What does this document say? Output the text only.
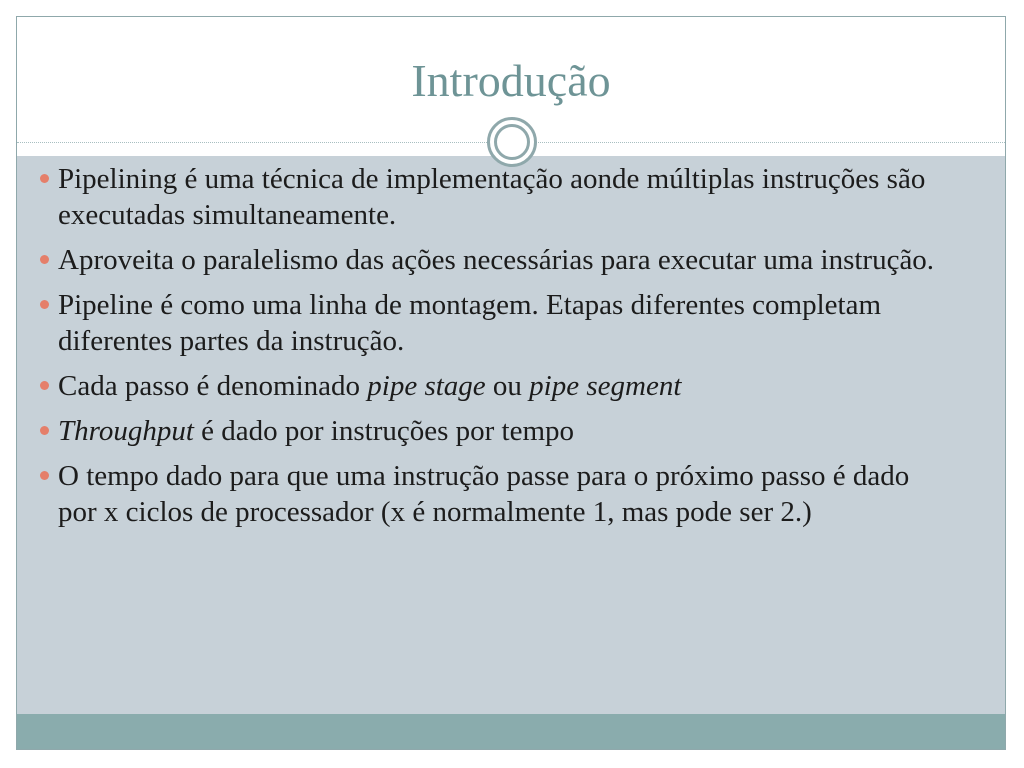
Introdução
Pipelining é uma técnica de implementação aonde múltiplas instruções são executadas simultaneamente.
Aproveita o paralelismo das ações necessárias para executar uma instrução.
Pipeline é como uma linha de montagem. Etapas diferentes completam diferentes partes da instrução.
Cada passo é denominado pipe stage ou pipe segment
Throughput é dado por instruções por tempo
O tempo dado para que uma instrução passe para o próximo passo é dado por x ciclos de processador (x é normalmente 1, mas pode ser 2.)
